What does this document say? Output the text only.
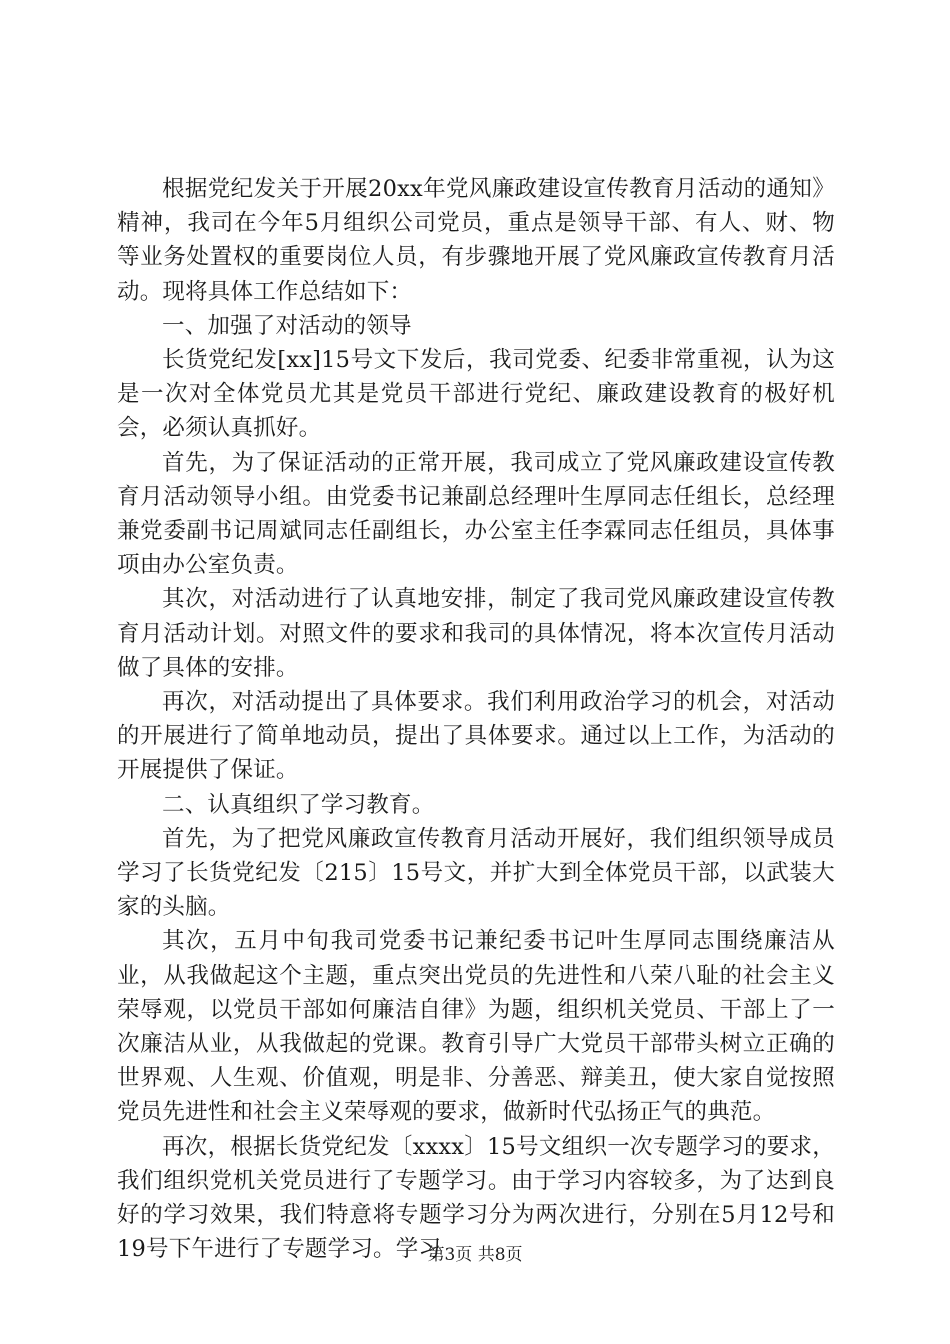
根据党纪发关于开展20xx年党风廉政建设宣传教育月活动的通知》精神，我司在今年5月组织公司党员，重点是领导干部、有人、财、物等业务处置权的重要岗位人员，有步骤地开展了党风廉政宣传教育月活动。现将具体工作总结如下：

一、加强了对活动的领导

长货党纪发[xx]15号文下发后，我司党委、纪委非常重视，认为这是一次对全体党员尤其是党员干部进行党纪、廉政建设教育的极好机会，必须认真抓好。

首先，为了保证活动的正常开展，我司成立了党风廉政建设宣传教育月活动领导小组。由党委书记兼副总经理叶生厚同志任组长，总经理兼党委副书记周斌同志任副组长，办公室主任李霖同志任组员，具体事项由办公室负责。

其次，对活动进行了认真地安排，制定了我司党风廉政建设宣传教育月活动计划。对照文件的要求和我司的具体情况，将本次宣传月活动做了具体的安排。

再次，对活动提出了具体要求。我们利用政治学习的机会，对活动的开展进行了简单地动员，提出了具体要求。通过以上工作，为活动的开展提供了保证。

二、认真组织了学习教育。

首先，为了把党风廉政宣传教育月活动开展好，我们组织领导成员学习了长货党纪发〔215〕15号文，并扩大到全体党员干部，以武装大家的头脑。

其次，五月中旬我司党委书记兼纪委书记叶生厚同志围绕廉洁从业，从我做起这个主题，重点突出党员的先进性和八荣八耻的社会主义荣辱观，以党员干部如何廉洁自律》为题，组织机关党员、干部上了一次廉洁从业，从我做起的党课。教育引导广大党员干部带头树立正确的世界观、人生观、价值观，明是非、分善恶、辩美丑，使大家自觉按照党员先进性和社会主义荣辱观的要求，做新时代弘扬正气的典范。

再次，根据长货党纪发〔xxxx〕15号文组织一次专题学习的要求，我们组织党机关党员进行了专题学习。由于学习内容较多，为了达到良好的学习效果，我们特意将专题学习分为两次进行，分别在5月12号和19号下午进行了专题学习。学习

第3页 共8页
